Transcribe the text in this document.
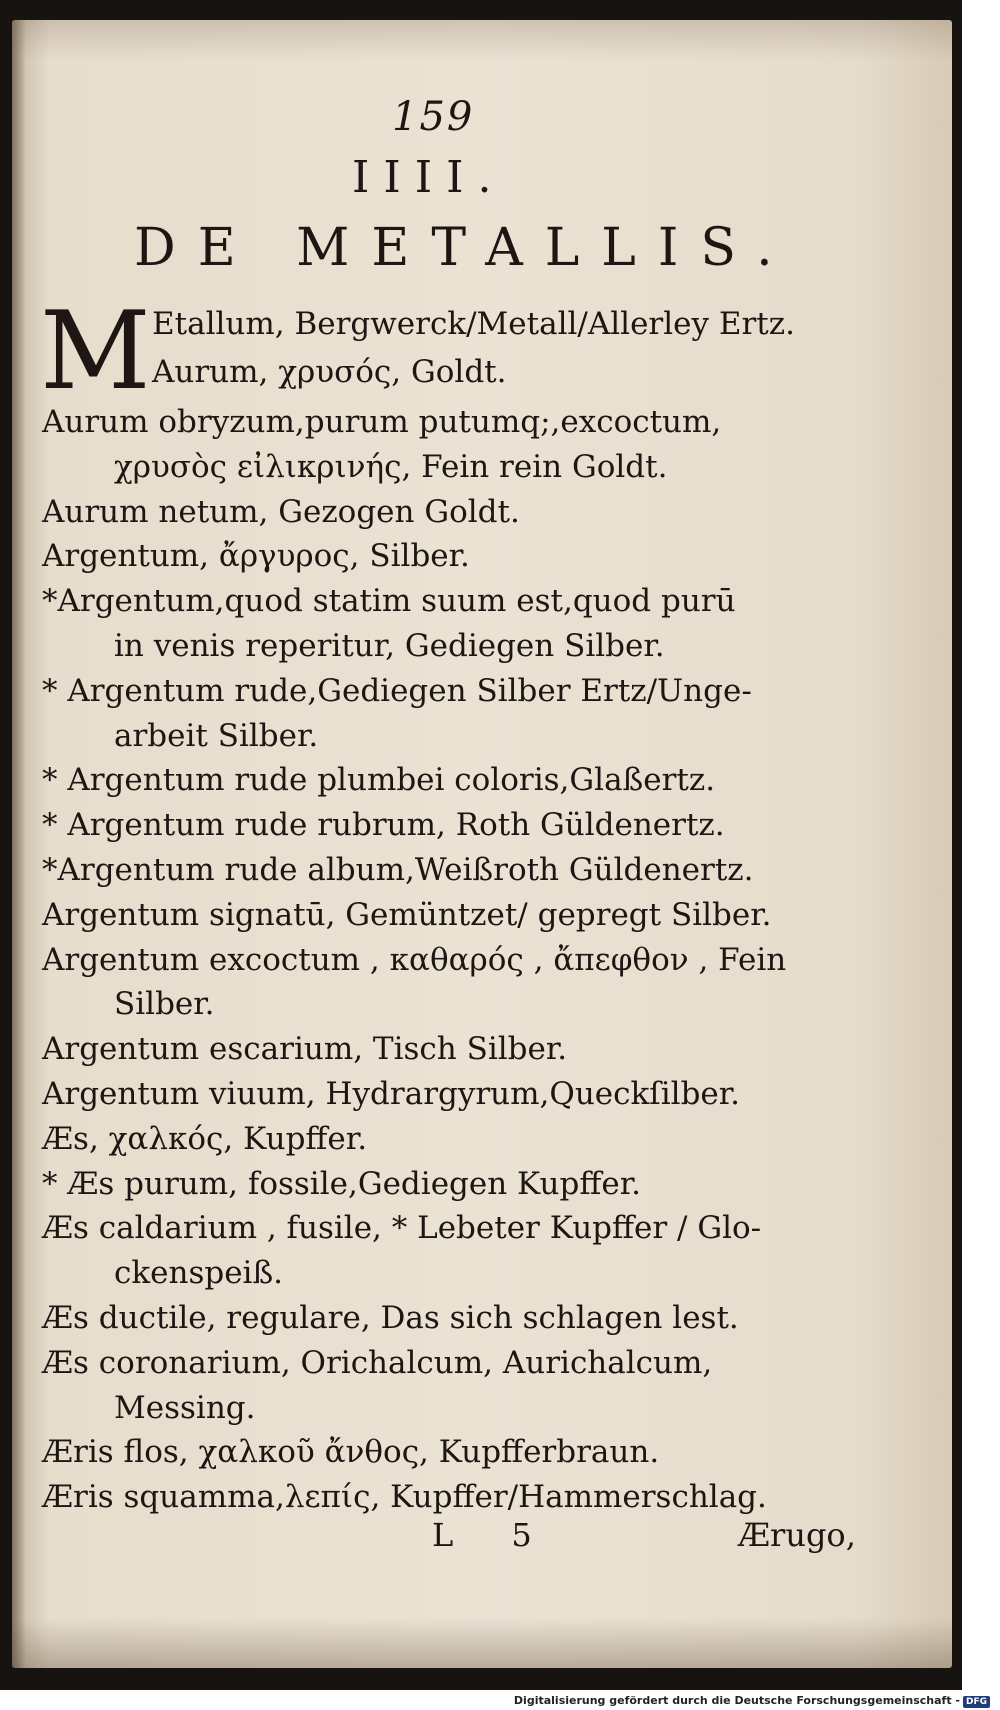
159
IIII.
DE METALLIS.
M Etallum, Bergwerck/Metall/Allerley Ertz.
Aurum, χρυσός, Goldt.
Aurum obryzum,purum putumq;,excoctum,
χρυσὸς εἰλικρινής, Fein rein Goldt.
Aurum netum, Gezogen Goldt.
Argentum, ἄργυρος, Silber.
*Argentum,quod statim suum est,quod purū
in venis reperitur, Gediegen Silber.
* Argentum rude,Gediegen Silber Ertz/Unge-
arbeit Silber.
* Argentum rude plumbei coloris,Glaßertz.
* Argentum rude rubrum, Roth Güldenertz.
*Argentum rude album,Weißroth Güldenertz.
Argentum signatū, Gemüntzet/ gepregt Silber.
Argentum excoctum , καθαρός , ἄπεφθον , Fein
Silber.
Argentum escarium, Tisch Silber.
Argentum viuum, Hydrargyrum,Queckſilber.
Æs, χαλκός, Kupffer.
* Æs purum, fossile,Gediegen Kupffer.
Æs caldarium , fusile, * Lebeter Kupffer / Glo-
ckenspeiß.
Æs ductile, regulare, Das sich schlagen lest.
Æs coronarium, Orichalcum, Aurichalcum,
Messing.
Æris flos, χαλκοῦ ἄνθος, Kupfferbraun.
Æris squamma,λεπίς, Kupffer/Hammerschlag.
L 5	Ærugo,
Digitalisierung gefördert durch die Deutsche Forschungsgemeinschaft - DFG
